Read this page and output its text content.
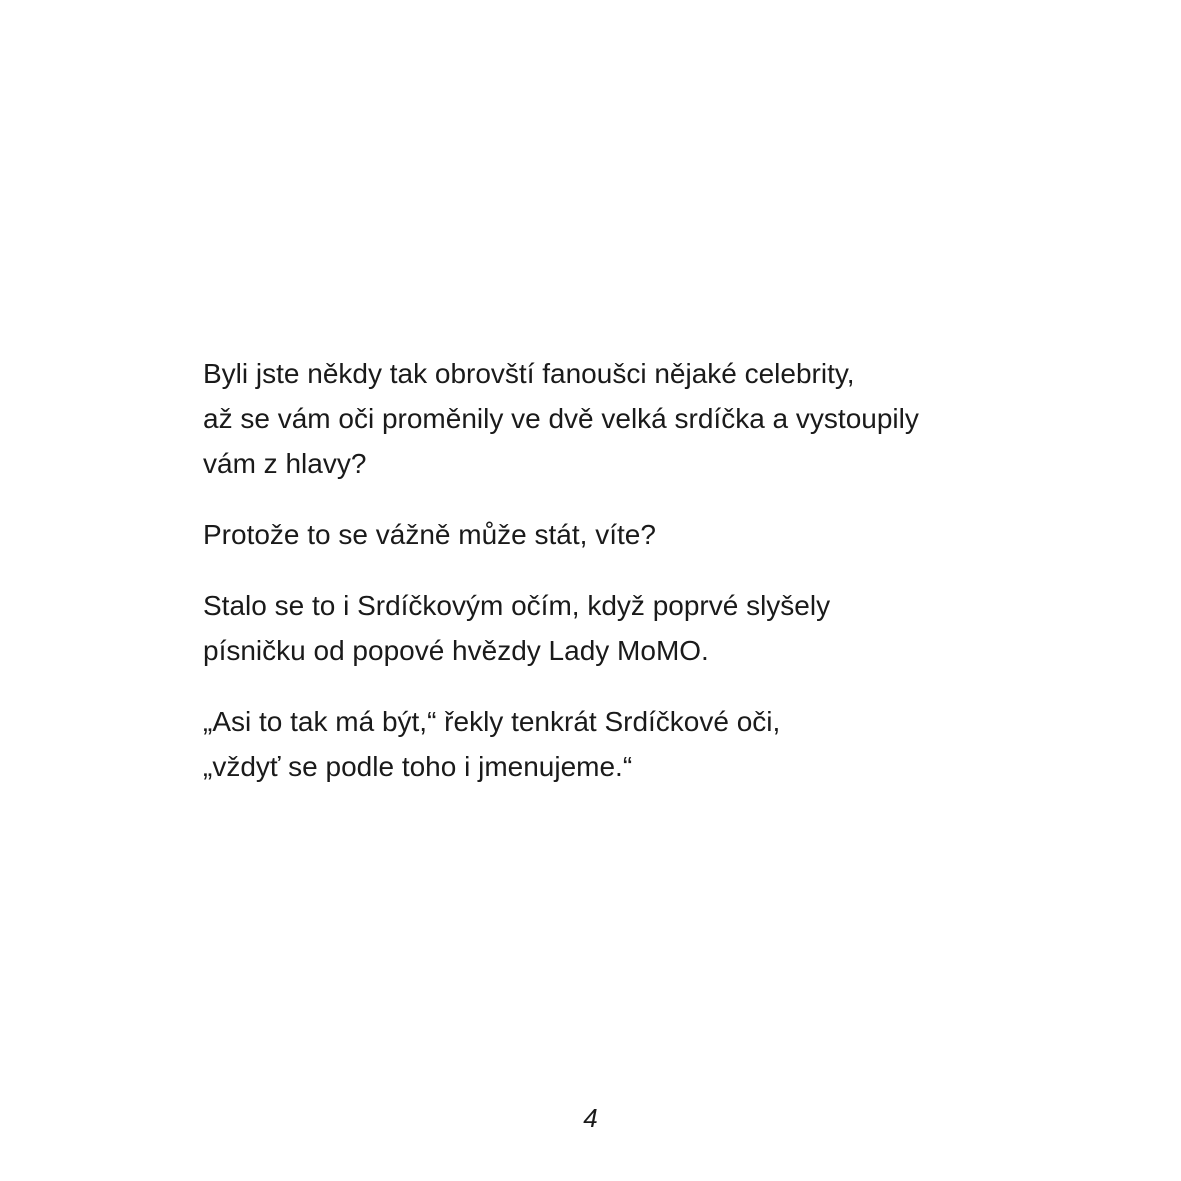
Byli jste někdy tak obrovští fanoušci nějaké celebrity,

až se vám oči proměnily ve dvě velká srdíčka a vystoupily

vám z hlavy?

Protože to se vážně může stát, víte?

Stalo se to i Srdíčkovým očím, když poprvé slyšely

písničku od popové hvězdy Lady MoMO.

„Asi to tak má být,“ řekly tenkrát Srdíčkové oči,

„vždyť se podle toho i jmenujeme.“

4
